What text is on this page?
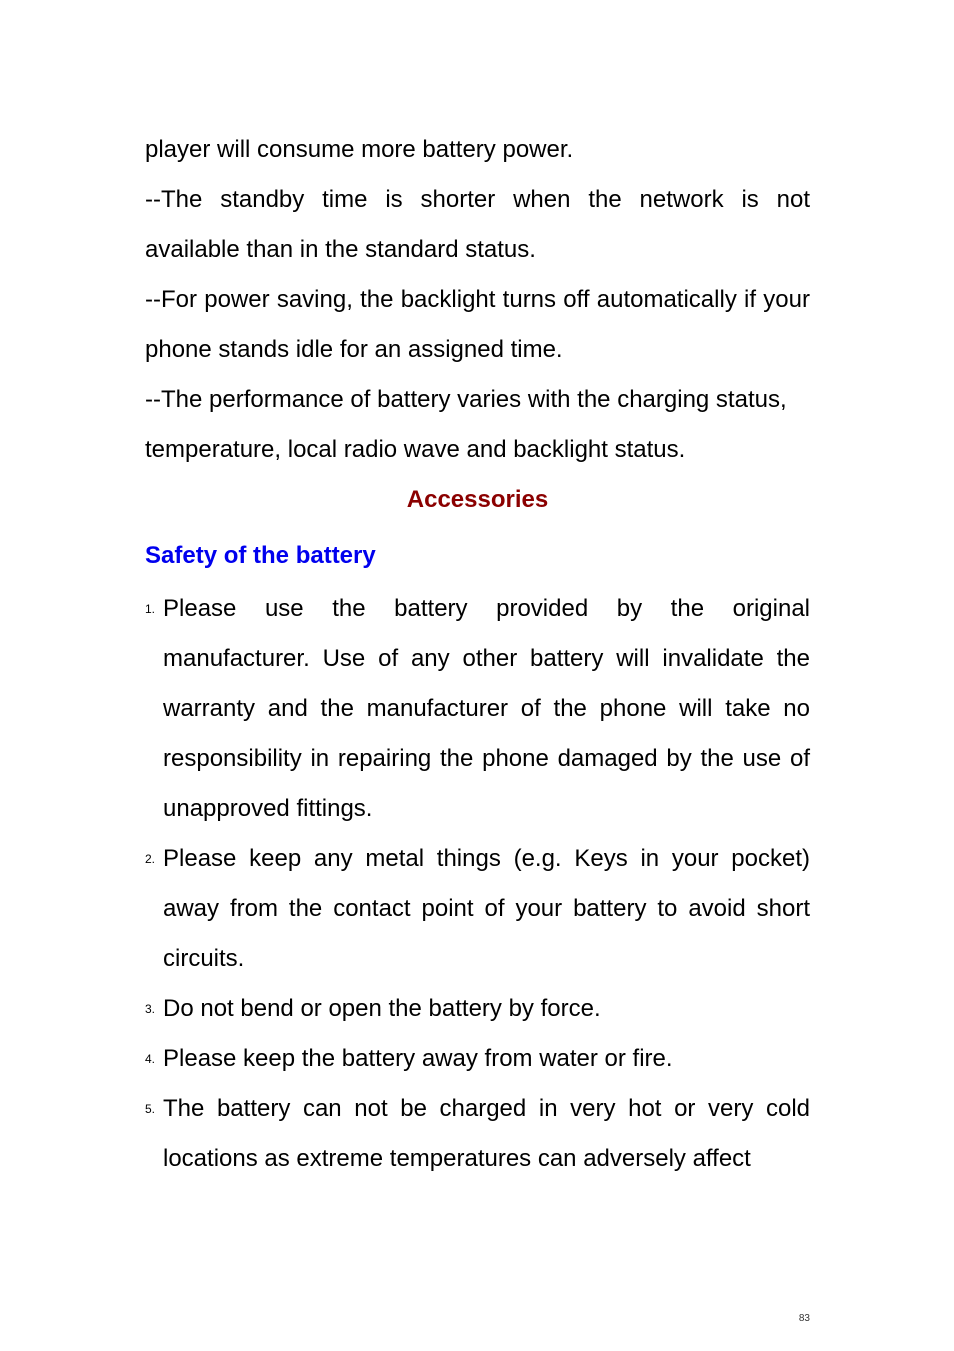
player will consume more battery power.

--The standby time is shorter when the network is not available than in the standard status.

--For power saving, the backlight turns off automatically if your phone stands idle for an assigned time.

--The performance of battery varies with the charging status, temperature, local radio wave and backlight status.

Accessories
Safety of the battery
1. Please use the battery provided by the original manufacturer. Use of any other battery will invalidate the warranty and the manufacturer of the phone will take no responsibility in repairing the phone damaged by the use of unapproved fittings.
2. Please keep any metal things (e.g. Keys in your pocket) away from the contact point of your battery to avoid short circuits.
3. Do not bend or open the battery by force.
4. Please keep the battery away from water or fire.
5. The battery can not be charged in very hot or very cold locations as extreme temperatures can adversely affect
83
